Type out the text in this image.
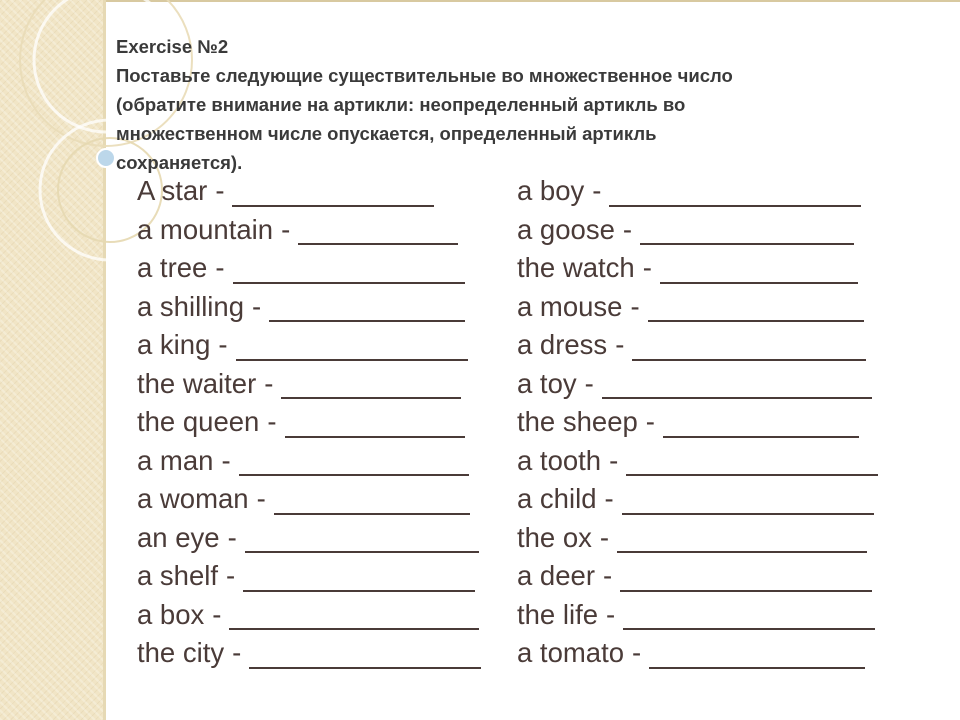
Exercise №2
Поставьте следующие существительные во множественное число
(обратите внимание на артикли: неопределенный артикль во
множественном числе опускается, определенный артикль
сохраняется).
A star -
a mountain -
a tree -
a shilling -
a king -
the waiter -
the queen -
a man -
a woman -
an eye -
a shelf -
a box -
the city -
a boy -
a goose -
the watch -
a mouse -
a dress -
a toy -
the sheep -
a tooth -
a child -
the ox -
a deer -
the life -
a tomato -
